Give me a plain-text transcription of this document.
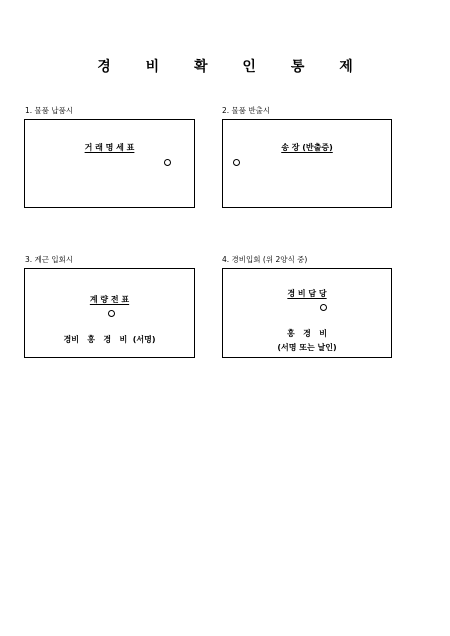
경 비 확 인 통 제
1. 물품 납품시
거 래 명 세 표
2. 물품 반출시
송 장 (반출증)
3. 계근 입회시
계 량 전 표
경비   홍   경   비  (서명)
4. 경비입회 (위 2양식 중)
경 비 담 당
홍   경   비
(서명 또는 날인)
